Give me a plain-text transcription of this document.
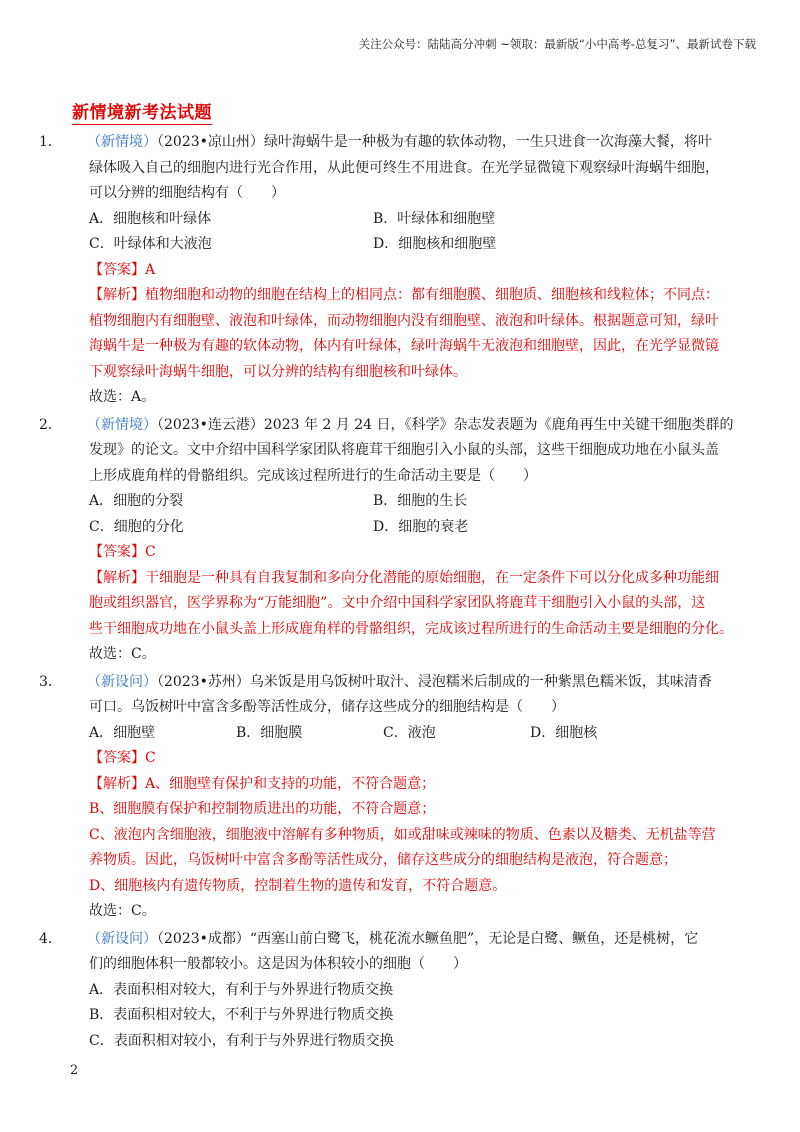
关注公众号：陆陆高分冲刺 ~领取：最新版“小中高考-总复习”、最新试卷下载
新情境新考法试题
1． （新情境）（2023•凉山州）绿叶海蜗牛是一种极为有趣的软体动物，一生只进食一次海藻大餐，将叶
绿体吸入自己的细胞内进行光合作用，从此便可终生不用进食。在光学显微镜下观察绿叶海蜗牛细胞，
可以分辨的细胞结构有（　　）
A．细胞核和叶绿体	B．叶绿体和细胞壁
C．叶绿体和大液泡	D．细胞核和细胞壁
【答案】A
【解析】植物细胞和动物的细胞在结构上的相同点：都有细胞膜、细胞质、细胞核和线粒体；不同点：
植物细胞内有细胞壁、液泡和叶绿体，而动物细胞内没有细胞壁、液泡和叶绿体。根据题意可知，绿叶
海蜗牛是一种极为有趣的软体动物，体内有叶绿体，绿叶海蜗牛无液泡和细胞壁，因此，在光学显微镜
下观察绿叶海蜗牛细胞，可以分辨的结构有细胞核和叶绿体。
故选：A。
2． （新情境）（2023•连云港）2023 年 2 月 24 日，《科学》杂志发表题为《鹿角再生中关键干细胞类群的
发现》的论文。文中介绍中国科学家团队将鹿茸干细胞引入小鼠的头部，这些干细胞成功地在小鼠头盖
上形成鹿角样的骨骼组织。完成该过程所进行的生命活动主要是（　　）
A．细胞的分裂	B．细胞的生长
C．细胞的分化	D．细胞的衰老
【答案】C
【解析】干细胞是一种具有自我复制和多向分化潜能的原始细胞，在一定条件下可以分化成多种功能细
胞或组织器官，医学界称为“万能细胞”。文中介绍中国科学家团队将鹿茸干细胞引入小鼠的头部，这
些干细胞成功地在小鼠头盖上形成鹿角样的骨骼组织，完成该过程所进行的生命活动主要是细胞的分化。
故选：C。
3． （新设问）（2023•苏州）乌米饭是用乌饭树叶取汁、浸泡糯米后制成的一种紫黑色糯米饭，其味清香
可口。乌饭树叶中富含多酚等活性成分，储存这些成分的细胞结构是（　　）
A．细胞壁	B．细胞膜	C．液泡	D．细胞核
【答案】C
【解析】A、细胞壁有保护和支持的功能，不符合题意；
B、细胞膜有保护和控制物质进出的功能，不符合题意；
C、液泡内含细胞液，细胞液中溶解有多种物质，如或甜味或辣味的物质、色素以及糖类、无机盐等营
养物质。因此，乌饭树叶中富含多酚等活性成分，储存这些成分的细胞结构是液泡，符合题意；
D、细胞核内有遗传物质，控制着生物的遗传和发育，不符合题意。
故选：C。
4． （新设问）（2023•成都）“西塞山前白鹭飞，桃花流水鳜鱼肥”，无论是白鹭、鳜鱼，还是桃树，它
们的细胞体积一般都较小。这是因为体积较小的细胞（　　）
A．表面积相对较大，有利于与外界进行物质交换
B．表面积相对较大，不利于与外界进行物质交换
C．表面积相对较小，有利于与外界进行物质交换
2
